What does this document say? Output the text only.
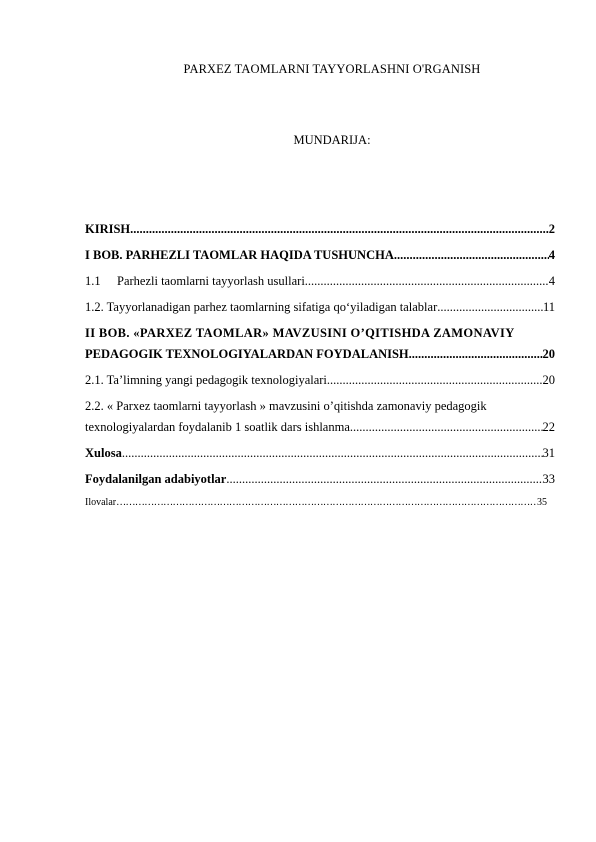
PARXEZ TAOMLARNI TAYYORLASHNI O'RGANISH
MUNDARIJA:
KIRISH .....	2
I BOB. PARHEZLI TAOMLAR HAQIDA TUSHUNCHA .....	4
1.1 Parhezli taomlarni tayyorlash usullari .....	4
1.2. Tayyorlanadigan parhez taomlarning sifatiga qo‘yiladigan talablar .....	11
II BOB. «PARXEZ TAOMLAR» MAVZUSINI O’QITISHDA ZAMONAVIY
PEDAGOGIK TEXNOLOGIYALARDAN FOYDALANISH .....	20
2.1. Ta’limning yangi pedagogik texnologiyalari .....	20
2.2. « Parxez taomlarni tayyorlash » mavzusini o’qitishda zamonaviy pedagogik
texnologiyalardan foydalanib 1 soatlik dars ishlanma .....	22
Xulosa .....	31
Foydalanilgan adabiyotlar .....	33
Ilovalar ……………………………………………………………………………………………………………………………………………………………	35
